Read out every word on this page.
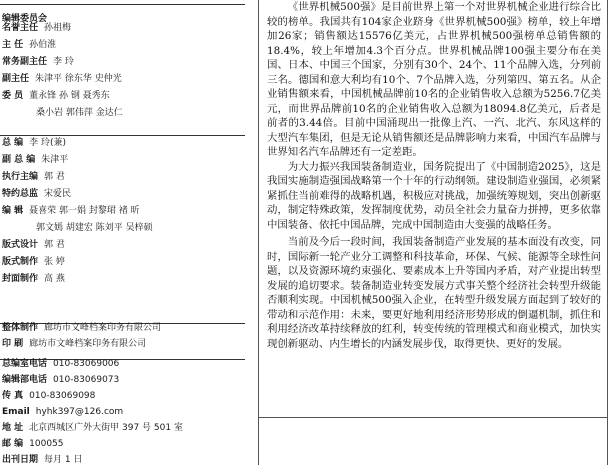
编辑委员会
名誉主任 孙祖梅
主 任 孙伯淮
常务副主任 李 玲
副主任 朱津平 徐东华 史仲光
委 员 董永锋 孙 钢 聂秀东
桑小岩 郭伟萍 金达仁
总 编 李 玲(兼)
副 总 编 朱津平
执行主编 郭 君
特约总监 宋爱民
编 辑 聂喜荣 郭一娟 封黎珺 褚 昕
郭文嫣 胡建宏 陈刘平 吴梓硕
版式设计 郭 君
版式制作 张 婷
封面制作 高 燕
整体制作 廊坊市文峰档案印务有限公司
印 刷 廊坊市文峰档案印务有限公司
总编室电话 010-83069006
编辑部电话 010-83069073
传 真 010-83069098
Email hyhk397@126.com
地 址 北京西城区广外大街甲 397 号 501 室
邮 编 100055
出刊日期 每月 1 日

《世界机械500强》是目前世界上第一个对世界机械企业进行综合比较的榜单。我国共有104家企业跻身《世界机械500强》榜单，较上年增加26家；销售额达15576亿美元，占世界机械500强榜单总销售额的18.4%，较上年增加4.3个百分点。世界机械品牌100强主要分布在美国、日本、中国三个国家，分别有30个、24个、11个品牌入选，分列前三名。德国和意大利均有10个、7个品牌入选，分列第四、第五名。从企业销售额来看，中国机械品牌前10名的企业销售收入总额为5256.7亿美元，而世界品牌前10名的企业销售收入总额为18094.8亿美元，后者是前者的3.44倍。目前中国涌现出一批像上汽、一汽、北汽、东风这样的大型汽车集团，但是无论从销售额还是品牌影响力来看，中国汽车品牌与世界知名汽车品牌还有一定差距。

为大力振兴我国装备制造业，国务院提出了《中国制造2025》，这是我国实施制造强国战略第一个十年的行动纲领。建设制造业强国，必须紧紧抓住当前难得的战略机遇，积极应对挑战，加强统筹规划，突出创新驱动，制定特殊政策，发挥制度优势，动员全社会力量奋力拼搏，更多依靠中国装备、依托中国品牌，完成中国制造由大变强的战略任务。

当前及今后一段时间，我国装备制造产业发展的基本面没有改变，同时，国际新一轮产业分工调整和科技革命，环保、气候、能源等全球性问题，以及资源环境约束强化、要素成本上升等国内矛盾，对产业提出转型发展的追切要求。装备制造业转变发展方式事关整个经济社会转型升级能否顺利实现。中国机械500强入企业，在转型升级发展方面起到了较好的带动和示范作用：未来，要更好地利用经济形势形成的倒逼机制，抓住和利用经济改革持续释放的红利，转变传统的管理模式和商业模式，加快实现创新驱动、内生增长的内涵发展步伐，取得更快、更好的发展。
